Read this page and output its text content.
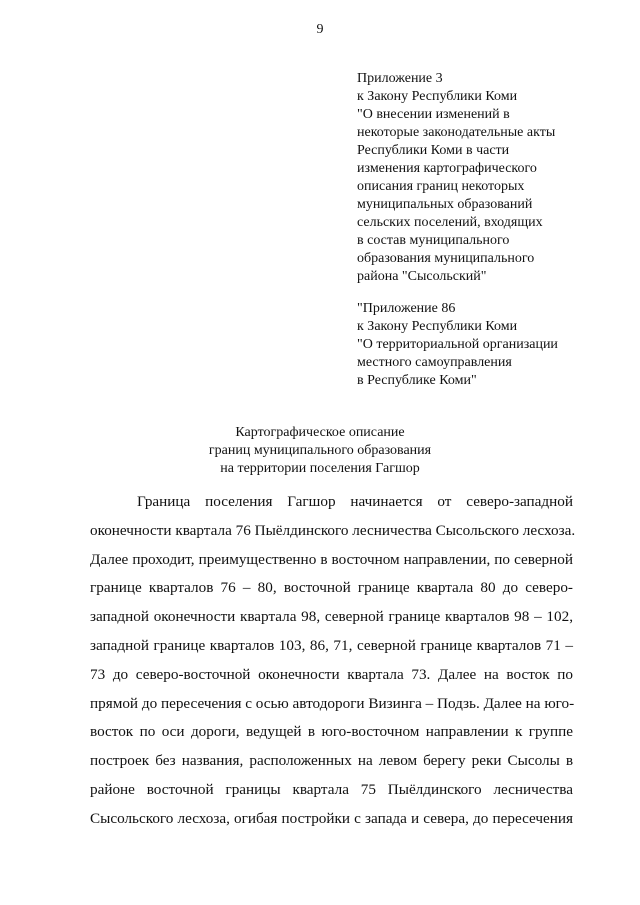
9
Приложение 3
к Закону Республики Коми
"О внесении изменений в
некоторые законодательные акты
Республики Коми в части
изменения картографического
описания границ некоторых
муниципальных образований
сельских поселений, входящих
в состав муниципального
образования муниципального
района "Сысольский"
"Приложение 86
к Закону Республики Коми
"О территориальной организации
местного самоуправления
в Республике Коми"
Картографическое описание
границ муниципального образования
на территории поселения Гагшор
Граница поселения Гагшор начинается от северо-западной
оконечности квартала 76 Пыёлдинского лесничества Сысольского лесхоза.
Далее проходит, преимущественно в восточном направлении, по северной
границе кварталов 76 – 80, восточной границе квартала 80 до северо-
западной оконечности квартала 98, северной границе кварталов 98 – 102,
западной границе кварталов 103, 86, 71, северной границе кварталов 71 –
73 до северо-восточной оконечности квартала 73. Далее на восток по
прямой до пересечения с осью автодороги Визинга – Подзь. Далее на юго-
восток по оси дороги, ведущей в юго-восточном направлении к группе
построек без названия, расположенных на левом берегу реки Сысолы в
районе восточной границы квартала 75 Пыёлдинского лесничества
Сысольского лесхоза, огибая постройки с запада и севера, до пересечения
